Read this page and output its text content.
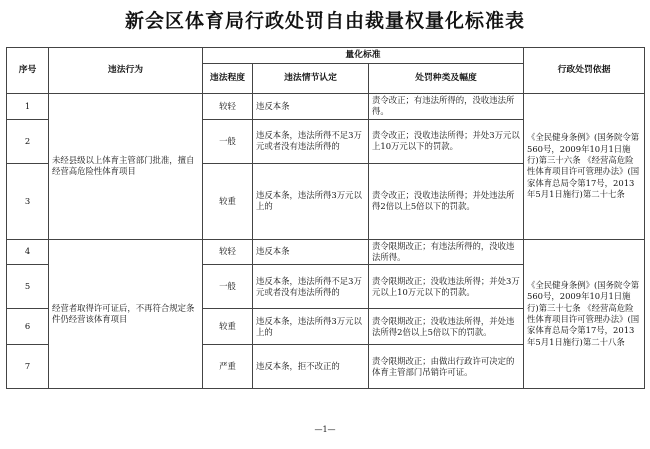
新会区体育局行政处罚自由裁量权量化标准表
序号	违法行为	量化标准			行政处罚依据
		违法程度	违法情节认定	处罚种类及幅度	
1	未经县级以上体育主管部门批准，擅自经营高危险性体育项目	较轻	违反本条	责令改正；有违法所得的，没收违法所得。	《全民健身条例》(国务院令第560号，2009年10月1日施行)第三十六条 《经营高危险性体育项目许可管理办法》(国家体育总局令第17号，2013年5月1日施行)第二十七条
2		一般	违反本条，违法所得不足3万元或者没有违法所得的	责令改正；没收违法所得；并处3万元以上10万元以下的罚款。	
3		较重	违反本条，违法所得3万元以上的	责令改正；没收违法所得；并处违法所得2倍以上5倍以下的罚款。	
4	经营者取得许可证后，不再符合规定条件仍经营该体育项目	较轻	违反本条	责令限期改正；有违法所得的，没收违法所得。	《全民健身条例》(国务院令第560号，2009年10月1日施行)第三十七条 《经营高危险性体育项目许可管理办法》(国家体育总局令第17号，2013年5月1日施行)第二十八条
5		一般	违反本条，违法所得不足3万元或者没有违法所得的	责令限期改正；没收违法所得；并处3万元以上10万元以下的罚款。	
6		较重	违反本条，违法所得3万元以上的	责令限期改正；没收违法所得，并处违法所得2倍以上5倍以下的罚款。	
7		严重	违反本条，拒不改正的	责令限期改正；由做出行政许可决定的体育主管部门吊销许可证。	
—1—
